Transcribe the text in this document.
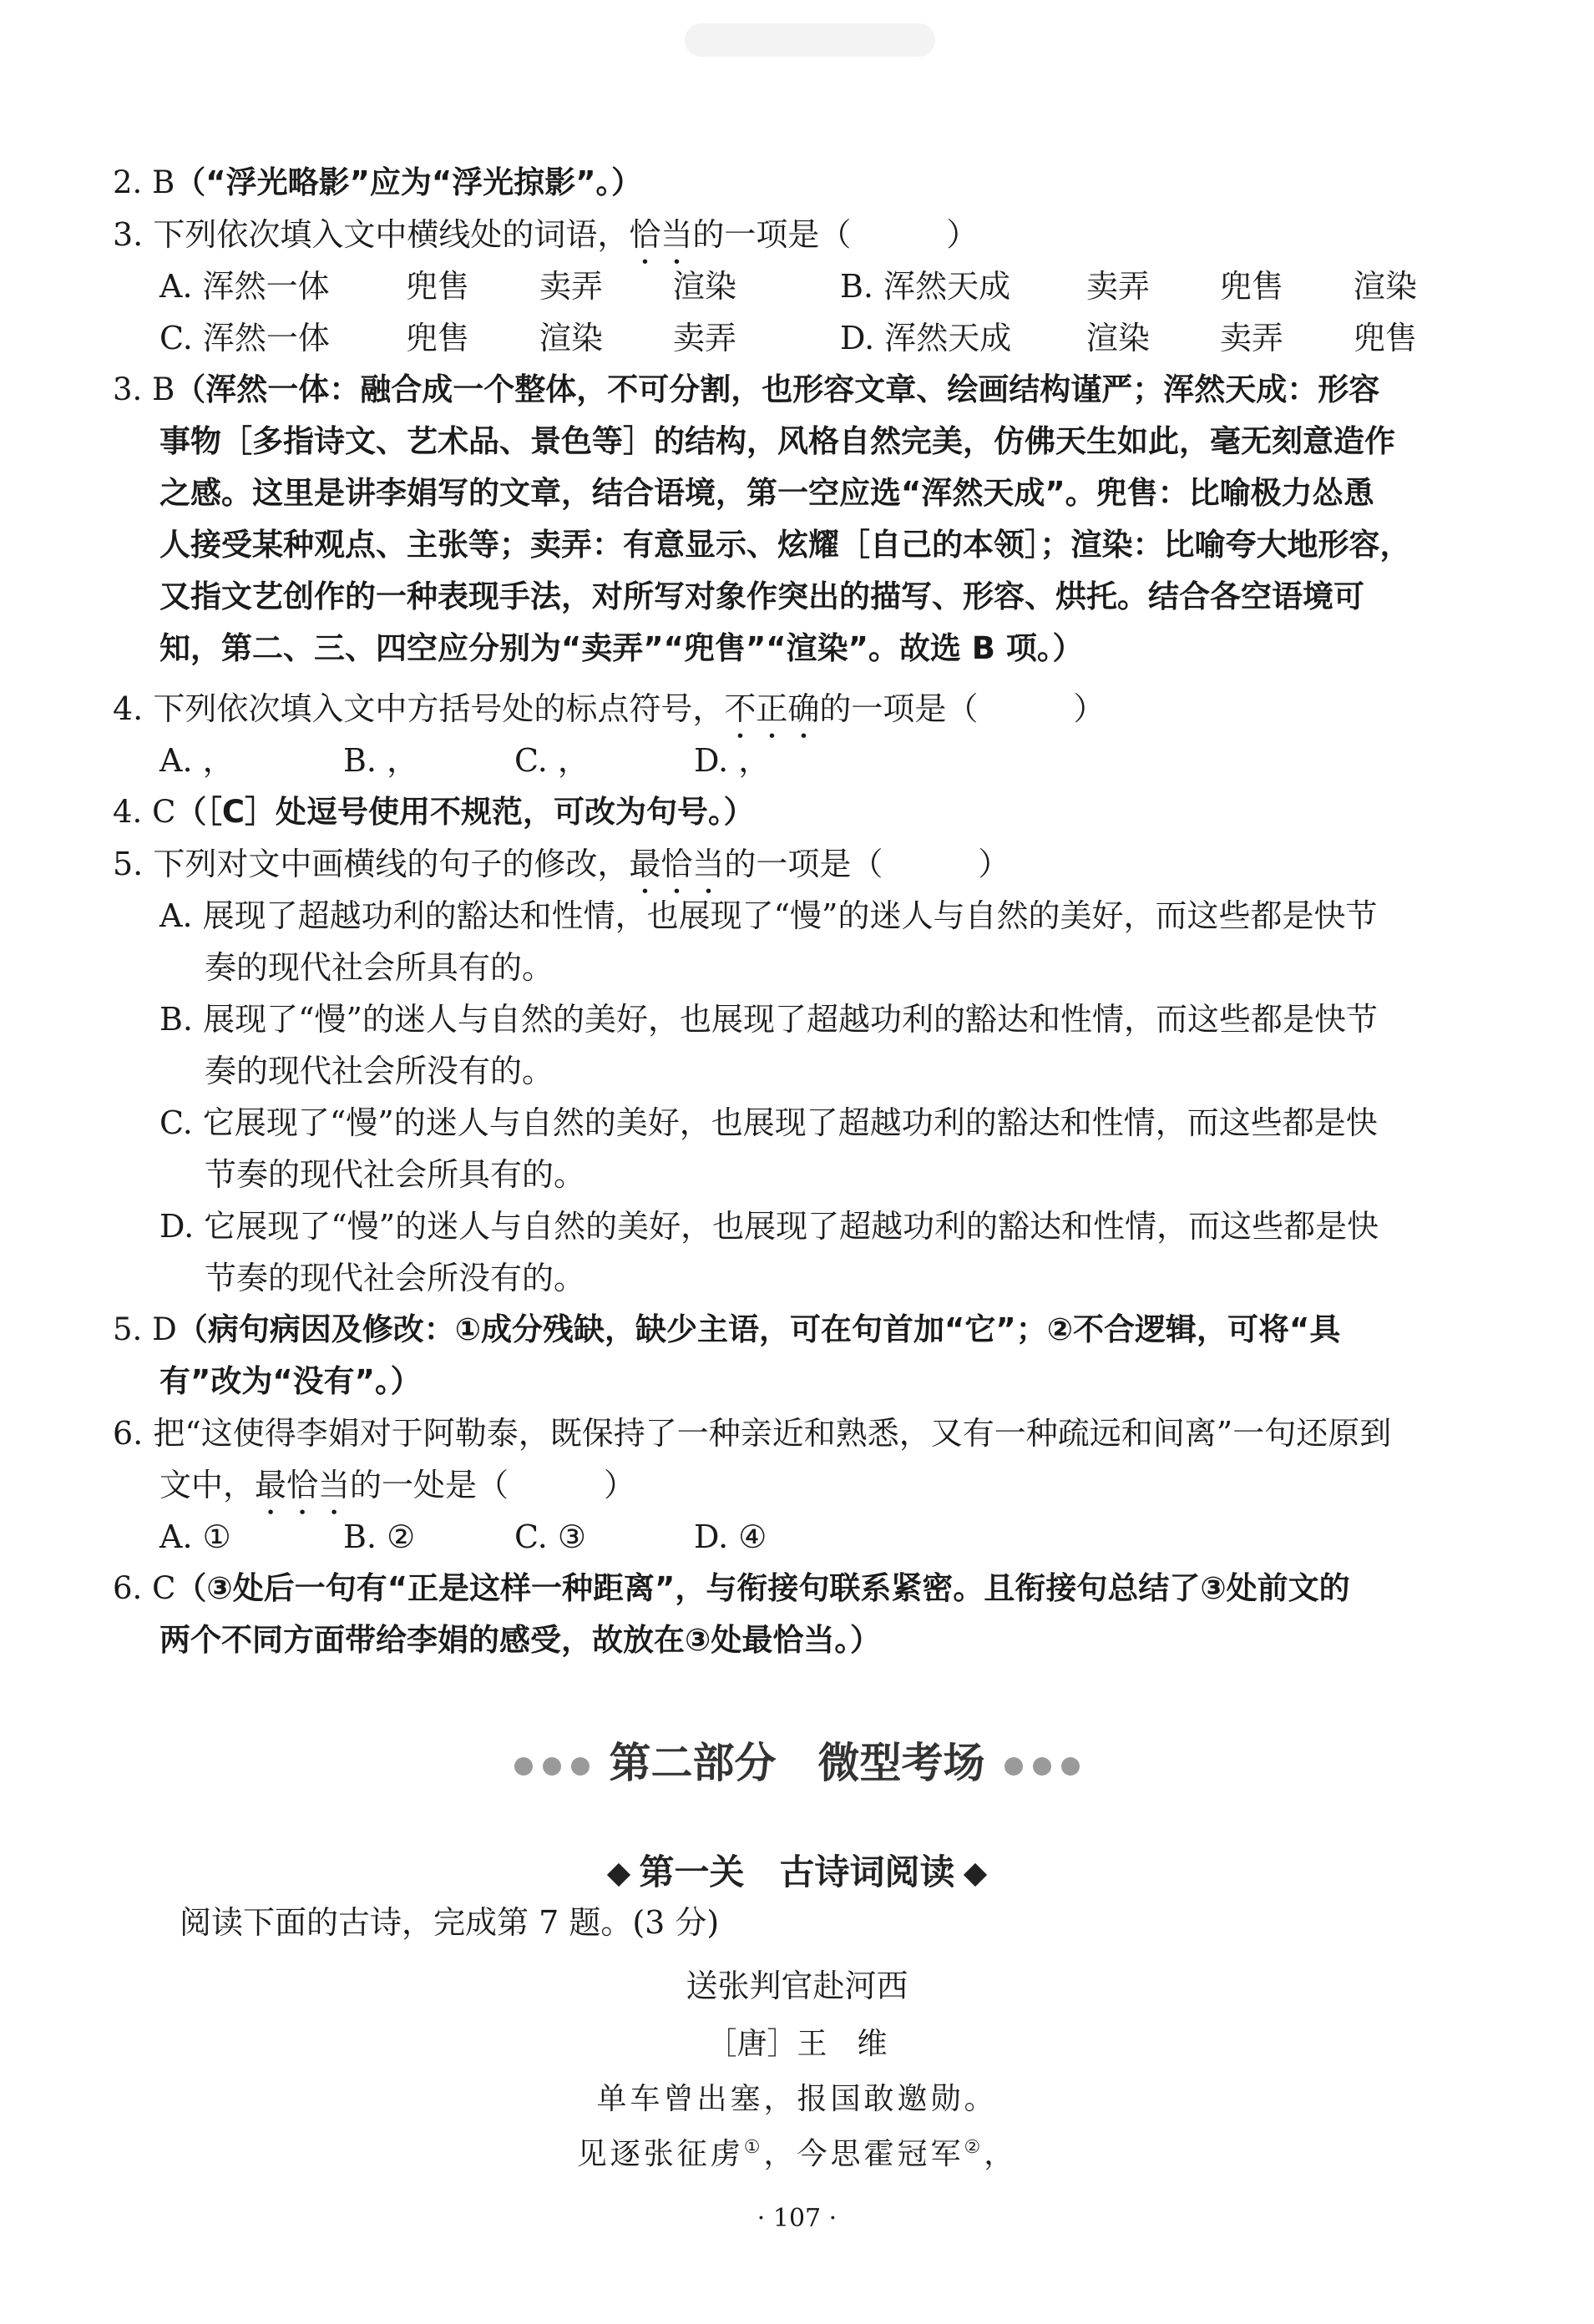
2. B（“浮光略影”应为“浮光掠影”。）
3. 下列依次填入文中横线处的词语，恰当的一项是（　　　）
A. 浑然一体	兜售	卖弄	渲染	B. 浑然天成	卖弄	兜售	渲染
C. 浑然一体	兜售	渲染	卖弄	D. 浑然天成	渲染	卖弄	兜售
3. B（浑然一体：融合成一个整体，不可分割，也形容文章、绘画结构谨严；浑然天成：形容
事物［多指诗文、艺术品、景色等］的结构，风格自然完美，仿佛天生如此，毫无刻意造作
之感。这里是讲李娟写的文章，结合语境，第一空应选“浑然天成”。兜售：比喻极力怂恿
人接受某种观点、主张等；卖弄：有意显示、炫耀［自己的本领］；渲染：比喻夸大地形容，
又指文艺创作的一种表现手法，对所写对象作突出的描写、形容、烘托。结合各空语境可
知，第二、三、四空应分别为“卖弄”“兜售”“渲染”。故选 B 项。）
4. 下列依次填入文中方括号处的标点符号，不正确的一项是（　　　）
A. ，	B. ，	C. ，	D. ，
4. C（［C］处逗号使用不规范，可改为句号。）
5. 下列对文中画横线的句子的修改，最恰当的一项是（　　　）
A. 展现了超越功利的豁达和性情，也展现了“慢”的迷人与自然的美好，而这些都是快节
奏的现代社会所具有的。
B. 展现了“慢”的迷人与自然的美好，也展现了超越功利的豁达和性情，而这些都是快节
奏的现代社会所没有的。
C. 它展现了“慢”的迷人与自然的美好，也展现了超越功利的豁达和性情，而这些都是快
节奏的现代社会所具有的。
D. 它展现了“慢”的迷人与自然的美好，也展现了超越功利的豁达和性情，而这些都是快
节奏的现代社会所没有的。
5. D（病句病因及修改：①成分残缺，缺少主语，可在句首加“它”；②不合逻辑，可将“具
有”改为“没有”。）
6. 把“这使得李娟对于阿勒泰，既保持了一种亲近和熟悉，又有一种疏远和间离”一句还原到
文中，最恰当的一处是（　　　）
A. ①	B. ②	C. ③	D. ④
6. C（③处后一句有“正是这样一种距离”，与衔接句联系紧密。且衔接句总结了③处前文的
两个不同方面带给李娟的感受，故放在③处最恰当。）
第二部分　微型考场
第一关　古诗词阅读
阅读下面的古诗，完成第 7 题。(3 分)
送张判官赴河西
［唐］王　维
单车曾出塞，报国敢邀勋。
见逐张征虏①，今思霍冠军②，
· 107 ·
